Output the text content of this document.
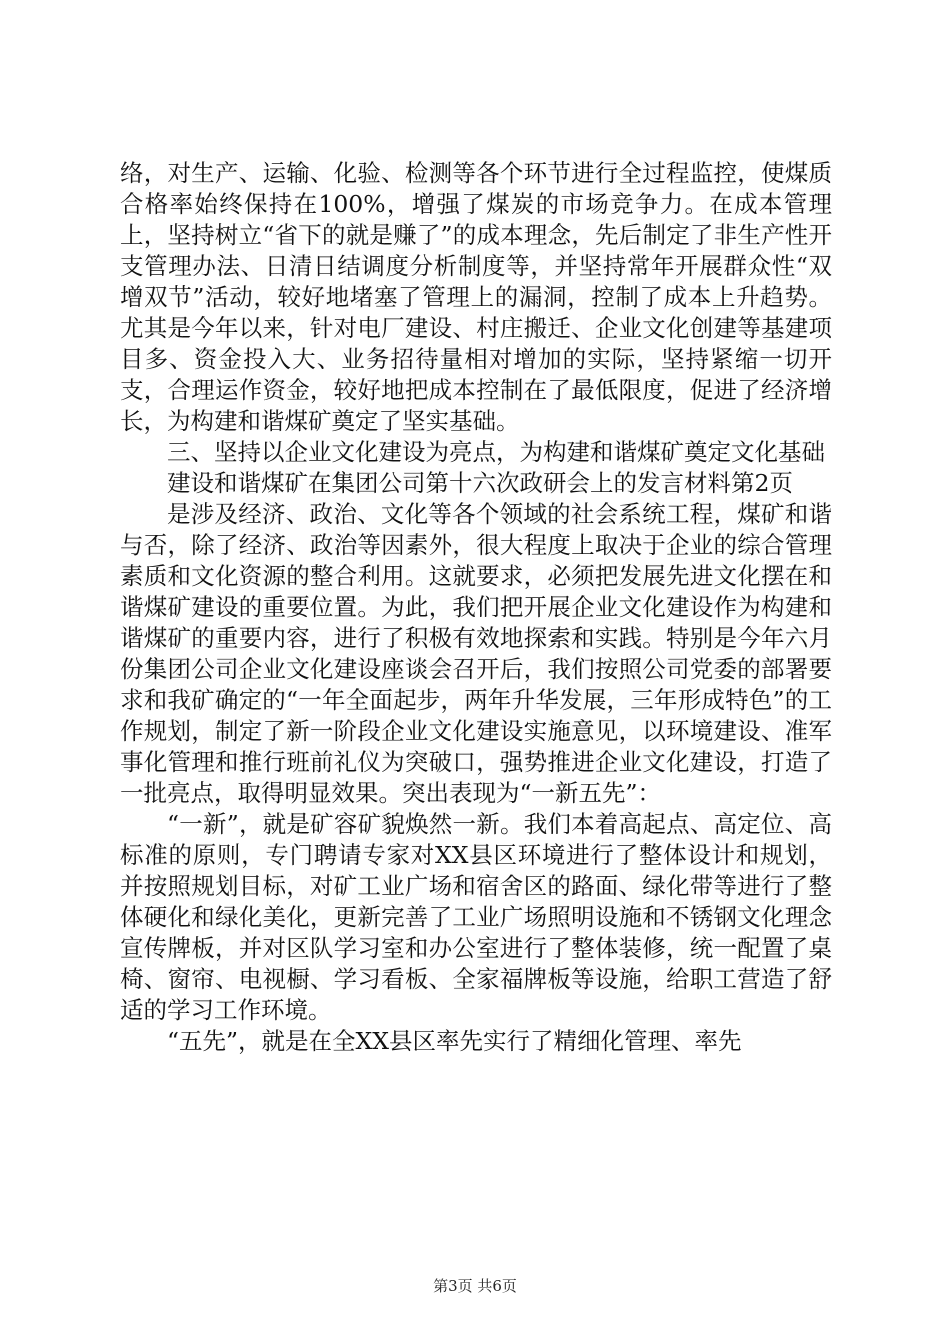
络，对生产、运输、化验、检测等各个环节进行全过程监控，使煤质合格率始终保持在100%，增强了煤炭的市场竞争力。在成本管理上，坚持树立“省下的就是赚了”的成本理念，先后制定了非生产性开支管理办法、日清日结调度分析制度等，并坚持常年开展群众性“双增双节”活动，较好地堵塞了管理上的漏洞，控制了成本上升趋势。尤其是今年以来，针对电厂建设、村庄搬迁、企业文化创建等基建项目多、资金投入大、业务招待量相对增加的实际，坚持紧缩一切开支，合理运作资金，较好地把成本控制在了最低限度，促进了经济增长，为构建和谐煤矿奠定了坚实基础。

三、坚持以企业文化建设为亮点，为构建和谐煤矿奠定文化基础

建设和谐煤矿在集团公司第十六次政研会上的发言材料第2页

是涉及经济、政治、文化等各个领域的社会系统工程，煤矿和谐与否，除了经济、政治等因素外，很大程度上取决于企业的综合管理素质和文化资源的整合利用。这就要求，必须把发展先进文化摆在和谐煤矿建设的重要位置。为此，我们把开展企业文化建设作为构建和谐煤矿的重要内容，进行了积极有效地探索和实践。特别是今年六月份集团公司企业文化建设座谈会召开后，我们按照公司党委的部署要求和我矿确定的“一年全面起步，两年升华发展，三年形成特色”的工作规划，制定了新一阶段企业文化建设实施意见，以环境建设、准军事化管理和推行班前礼仪为突破口，强势推进企业文化建设，打造了一批亮点，取得明显效果。突出表现为“一新五先”：

“一新”，就是矿容矿貌焕然一新。我们本着高起点、高定位、高标准的原则，专门聘请专家对XX县区环境进行了整体设计和规划，并按照规划目标，对矿工业广场和宿舍区的路面、绿化带等进行了整体硬化和绿化美化，更新完善了工业广场照明设施和不锈钢文化理念宣传牌板，并对区队学习室和办公室进行了整体装修，统一配置了桌椅、窗帘、电视橱、学习看板、全家福牌板等设施，给职工营造了舒适的学习工作环境。

“五先”，就是在全XX县区率先实行了精细化管理、率先

第3页 共6页
